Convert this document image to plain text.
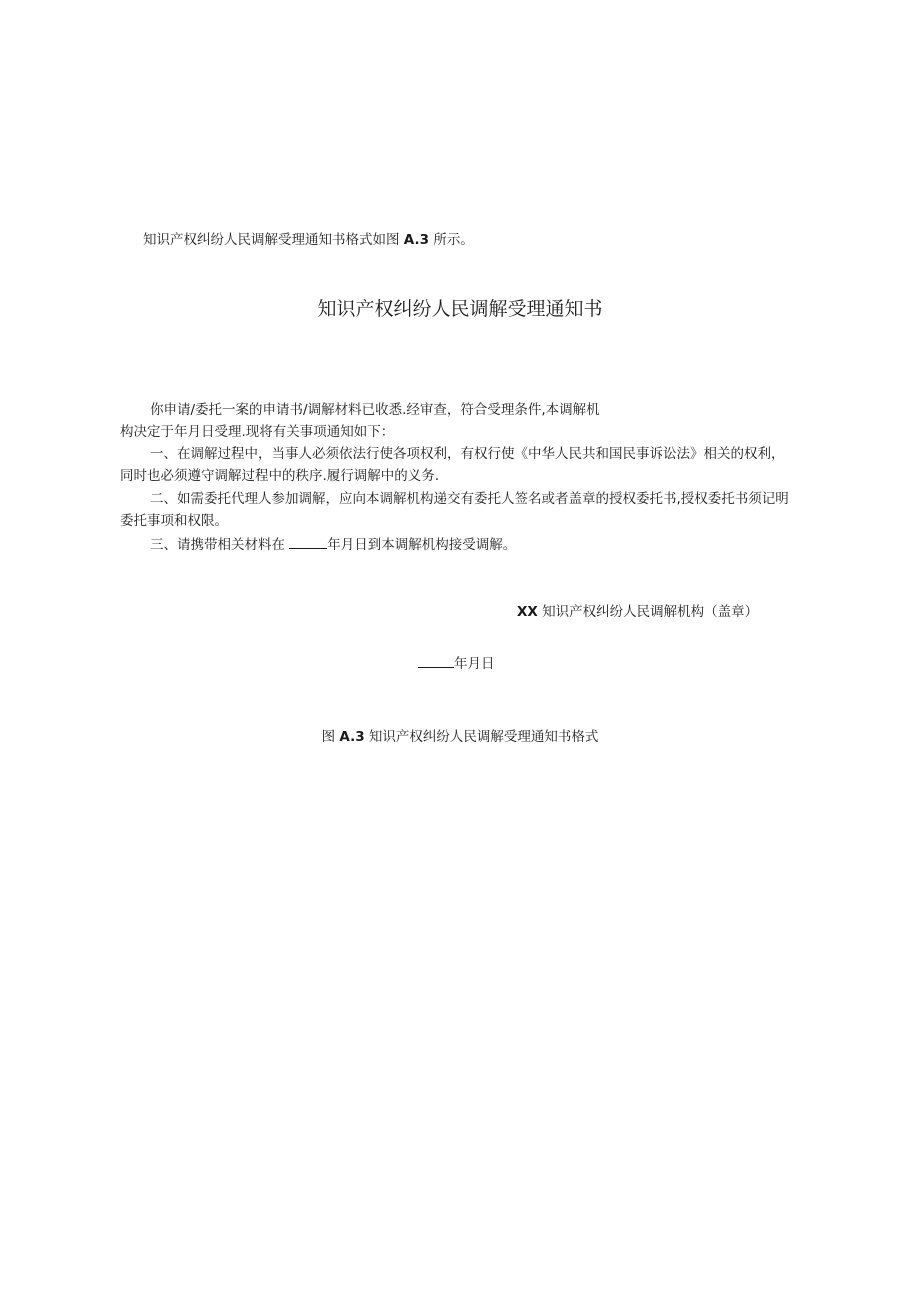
知识产权纠纷人民调解受理通知书格式如图 A.3 所示。
知识产权纠纷人民调解受理通知书
你申请/委托一案的申请书/调解材料已收悉.经审查，符合受理条件,本调解机
构决定于年月日受理.现将有关事项通知如下：
一、在调解过程中，当事人必须依法行使各项权利，有权行使《中华人民共和国民事诉讼法》相关的权利，
同时也必须遵守调解过程中的秩序.履行调解中的义务.
二、如需委托代理人参加调解，应向本调解机构递交有委托人签名或者盖章的授权委托书,授权委托书须记明
委托事项和权限。
三、请携带相关材料在	年月日到本调解机构接受调解。
XX 知识产权纠纷人民调解机构（盖章）
年月日
图 A.3 知识产权纠纷人民调解受理通知书格式
